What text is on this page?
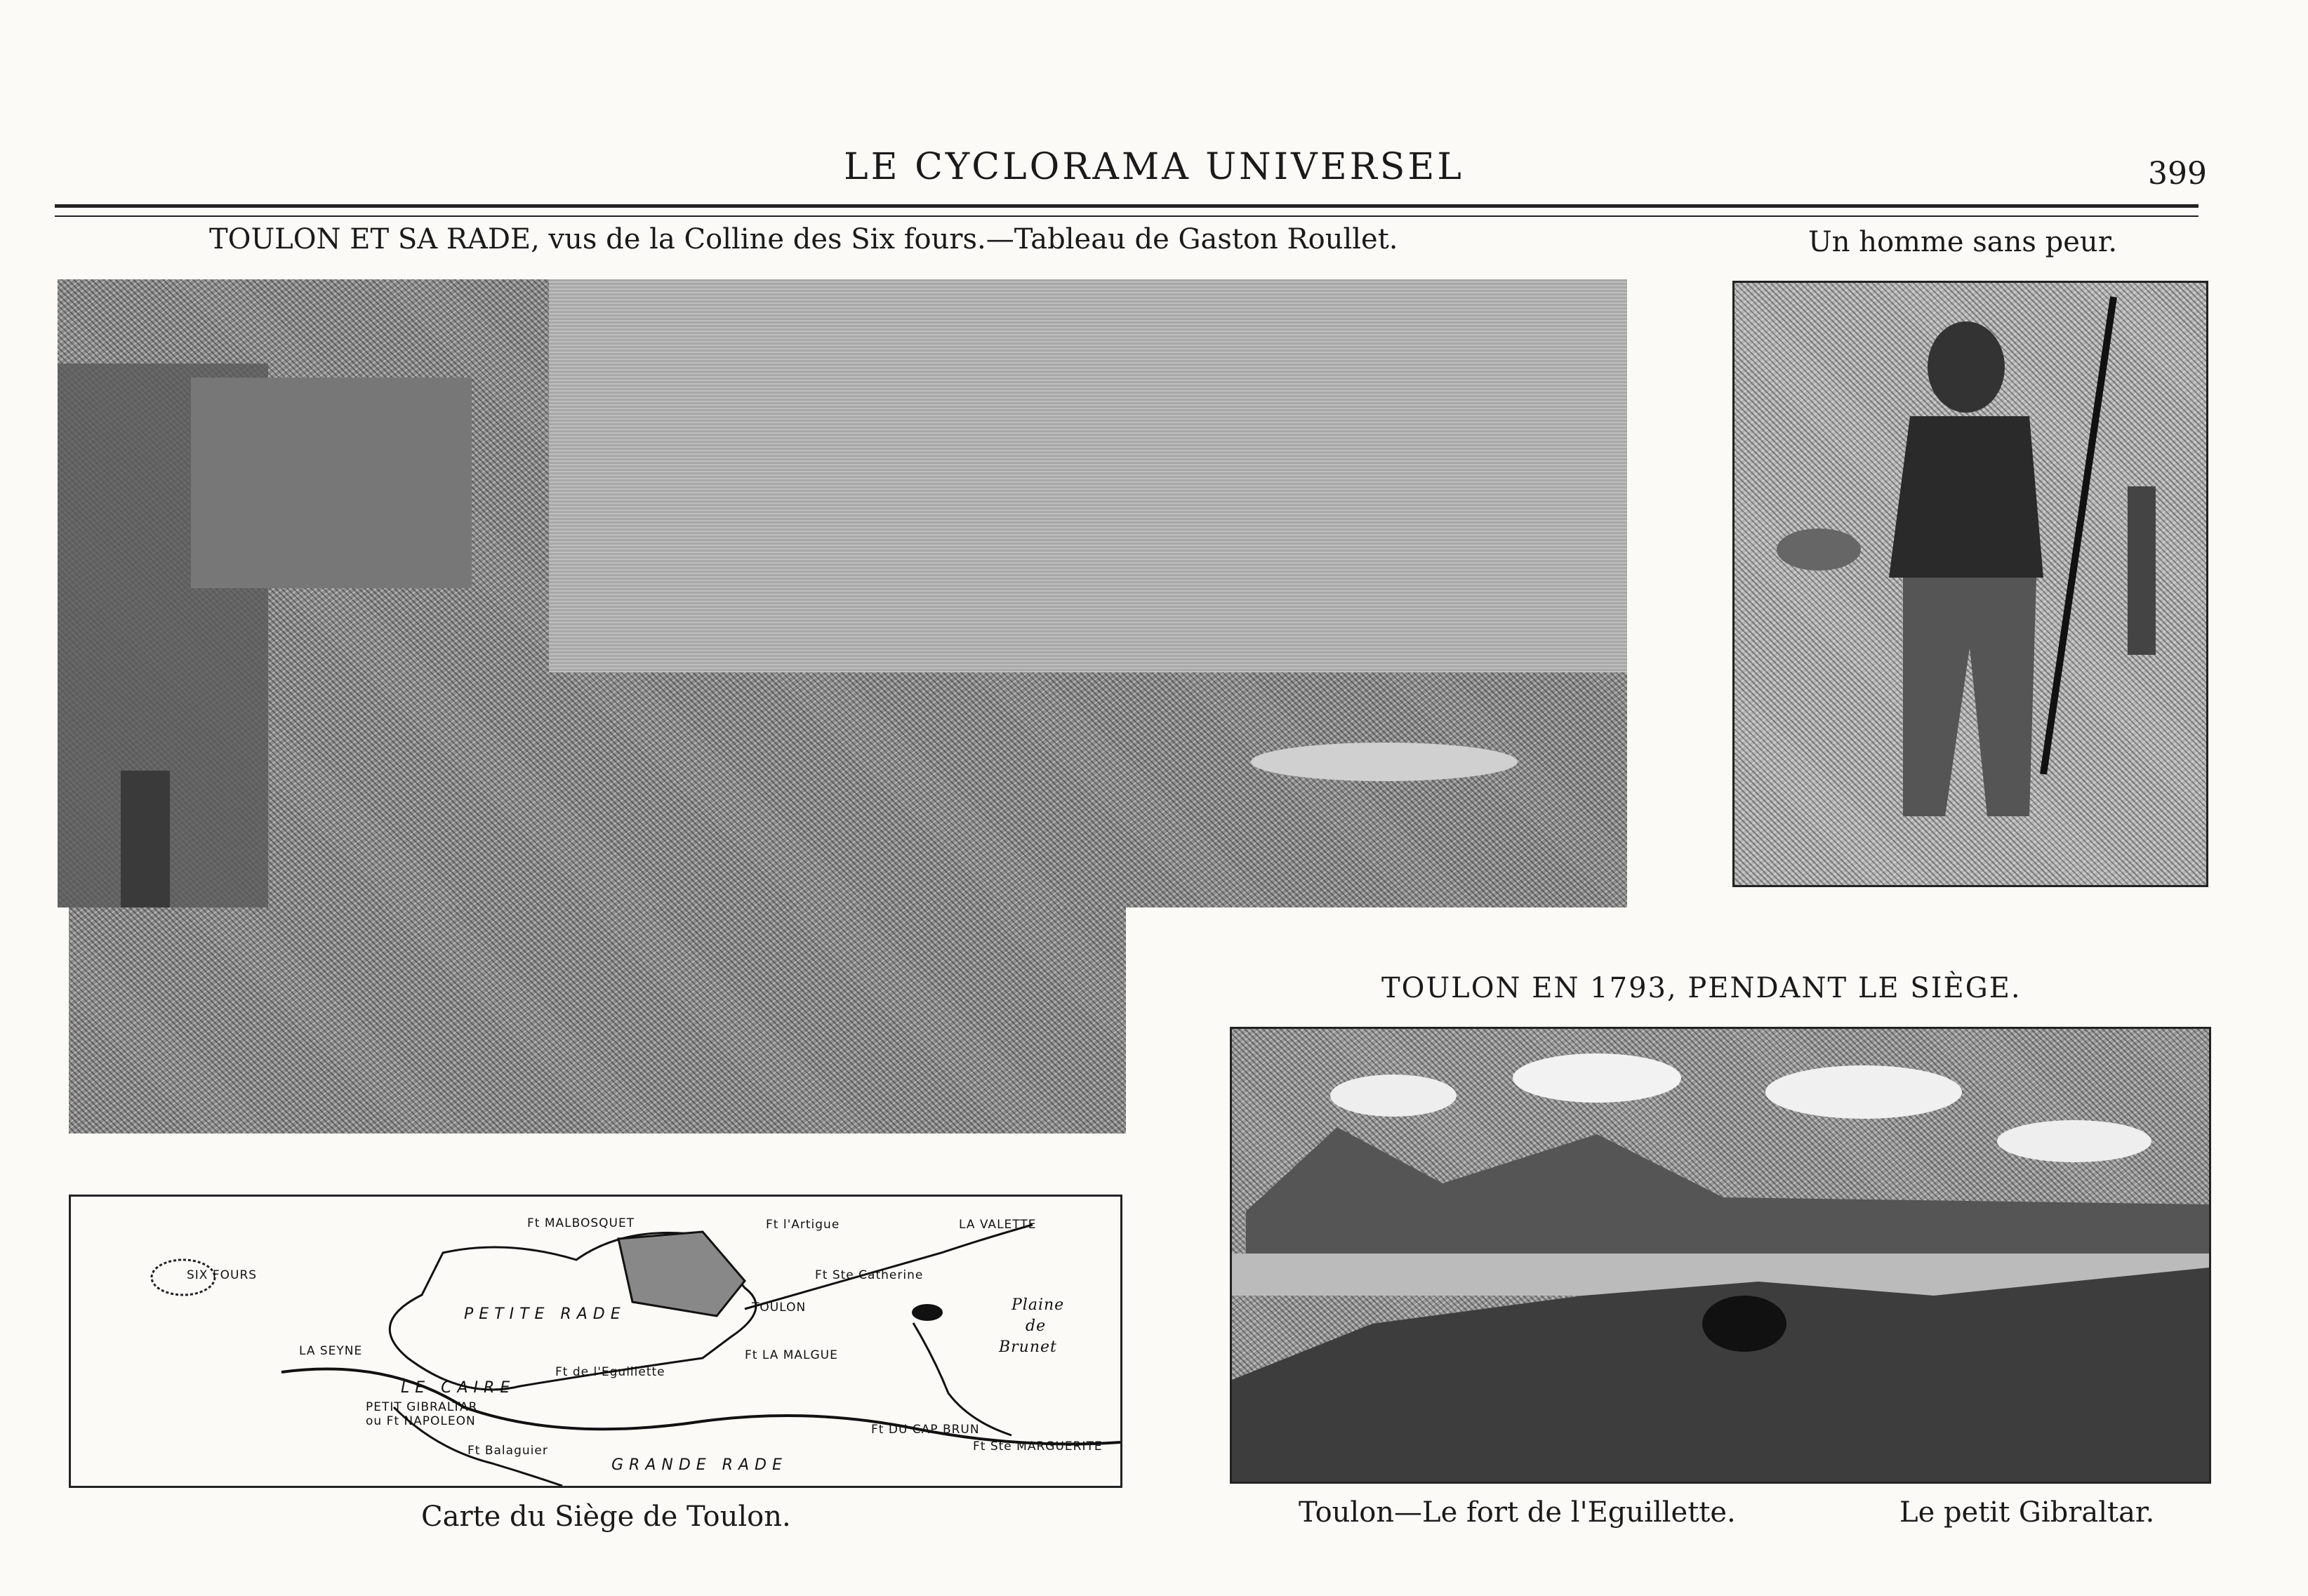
LE CYCLORAMA UNIVERSEL	399
TOULON ET SA RADE, vus de la Colline des Six fours.—Tableau de Gaston Roullet.	Un homme sans peur.
TOULON EN 1793, PENDANT LE SIÈGE.
Carte du Siège de Toulon.	Toulon—Le fort de l'Eguillette.	Le petit Gibraltar.
SIX FOURS
Ft MALBOSQUET	Ft l'Artigue	LA VALETTE
Ft Ste Catherine
PETITE RADE	TOULON	Plaine
de
Brunet
LA SEYNE
Ft de l'Eguillette
Ft LA MALGUE
LE CAIRE
PETIT GIBRALTAR
ou Ft NAPOLEON
Ft Balaguier
Ft DU CAP BRUN
Ft Ste MARGUERITE
GRANDE RADE
